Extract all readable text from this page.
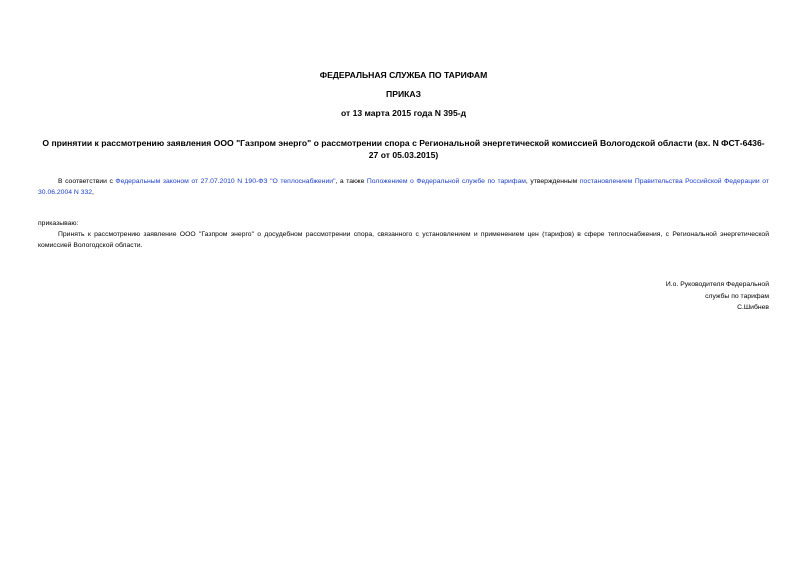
ФЕДЕРАЛЬНАЯ СЛУЖБА ПО ТАРИФАМ
ПРИКАЗ
от 13 марта 2015 года N 395-д
О принятии к рассмотрению заявления ООО "Газпром энерго" о рассмотрении спора с Региональной энергетической комиссией Вологодской области (вх. N ФСТ-6436-27 от 05.03.2015)
В соответствии с Федеральным законом от 27.07.2010 N 190-ФЗ "О теплоснабжении", а также Положением о Федеральной службе по тарифам, утвержденным постановлением Правительства Российской Федерации от 30.06.2004 N 332,
приказываю:
Принять к рассмотрению заявление ООО "Газпром энерго" о досудебном рассмотрении спора, связанного с установлением и применением цен (тарифов) в сфере теплоснабжения, с Региональной энергетической комиссией Вологодской области.
И.о. Руководителя Федеральной
службы по тарифам
С.Шибнев
